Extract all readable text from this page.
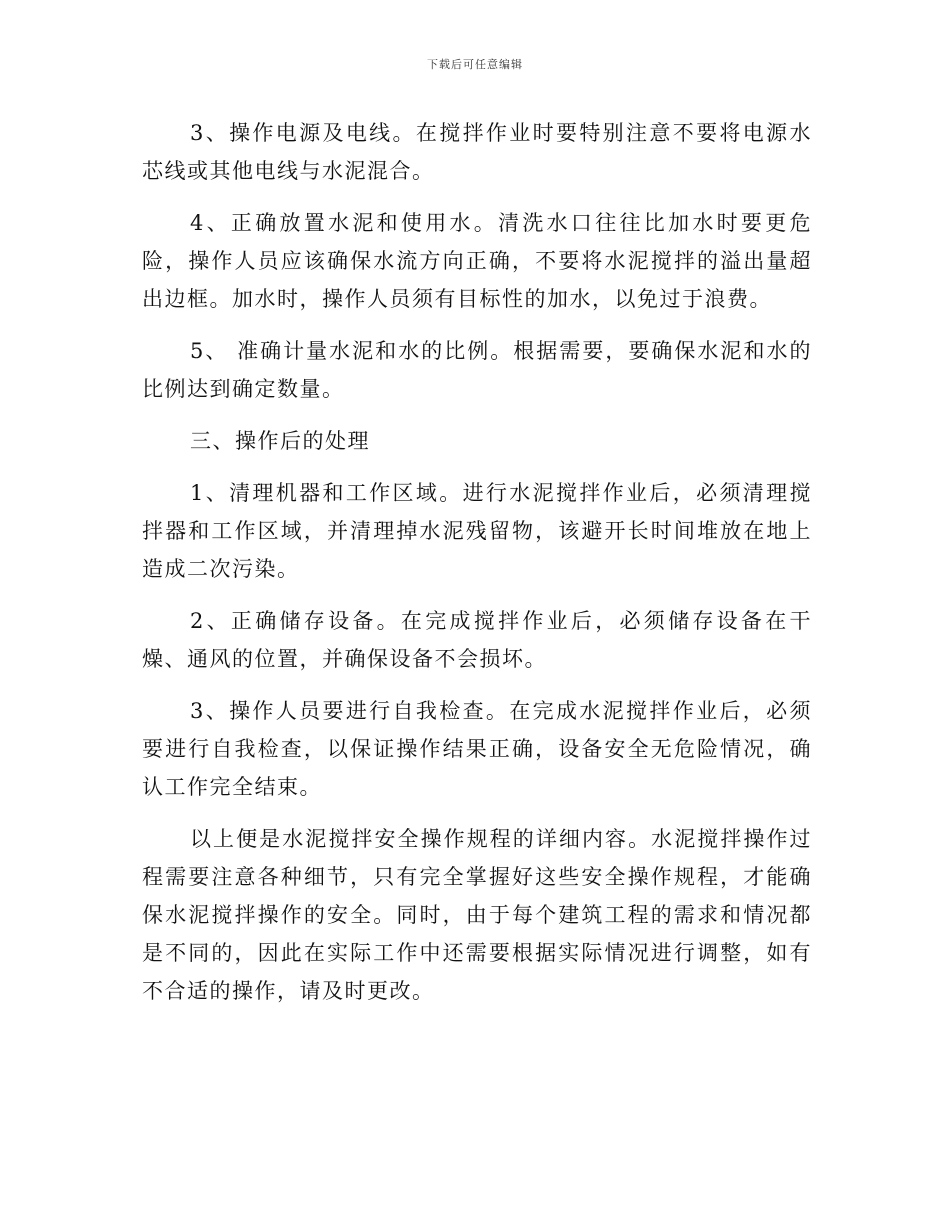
下载后可任意编辑

3、操作电源及电线。在搅拌作业时要特别注意不要将电源水芯线或其他电线与水泥混合。

4、正确放置水泥和使用水。清洗水口往往比加水时要更危险，操作人员应该确保水流方向正确，不要将水泥搅拌的溢出量超出边框。加水时，操作人员须有目标性的加水，以免过于浪费。

5、 准确计量水泥和水的比例。根据需要，要确保水泥和水的比例达到确定数量。

三、操作后的处理

1、清理机器和工作区域。进行水泥搅拌作业后，必须清理搅拌器和工作区域，并清理掉水泥残留物，该避开长时间堆放在地上造成二次污染。

2、正确储存设备。在完成搅拌作业后，必须储存设备在干燥、通风的位置，并确保设备不会损坏。

3、操作人员要进行自我检查。在完成水泥搅拌作业后，必须要进行自我检查，以保证操作结果正确，设备安全无危险情况，确认工作完全结束。

以上便是水泥搅拌安全操作规程的详细内容。水泥搅拌操作过程需要注意各种细节，只有完全掌握好这些安全操作规程，才能确保水泥搅拌操作的安全。同时，由于每个建筑工程的需求和情况都是不同的，因此在实际工作中还需要根据实际情况进行调整，如有不合适的操作，请及时更改。
